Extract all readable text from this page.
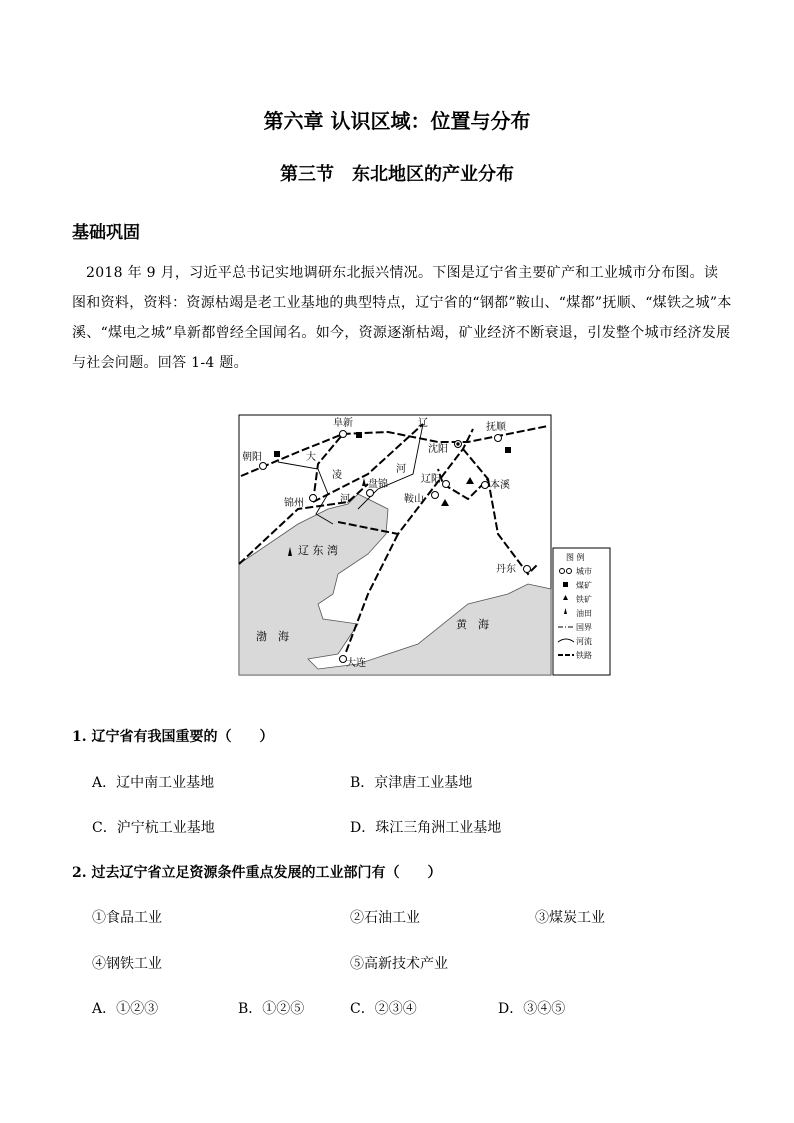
第六章 认识区域：位置与分布
第三节　东北地区的产业分布
基础巩固
2018 年 9 月，习近平总书记实地调研东北振兴情况。下图是辽宁省主要矿产和工业城市分布图。读图和资料，资料：资源枯竭是老工业基地的典型特点，辽宁省的“钢都”鞍山、“煤都”抚顺、“煤铁之城”本溪、“煤电之城”阜新都曾经全国闻名。如今，资源逐渐枯竭，矿业经济不断衰退，引发整个城市经济发展与社会问题。回答 1-4 题。
阜新
沈阳
抚顺
朝阳
锦州
盘锦	辽阳
鞍山
本溪
丹东
大连
辽
河
大
凌
河
辽 东 湾
渤　海
黄　海
图 例
城市
煤矿
铁矿
油田
国界
河流
铁路
1. 辽宁省有我国重要的（　　）
A．辽中南工业基地	B．京津唐工业基地
C．沪宁杭工业基地	D．珠江三角洲工业基地
2. 过去辽宁省立足资源条件重点发展的工业部门有（　　）
①食品工业	②石油工业	③煤炭工业
④钢铁工业	⑤高新技术产业
A．①②③	B．①②⑤	C．②③④	D．③④⑤
